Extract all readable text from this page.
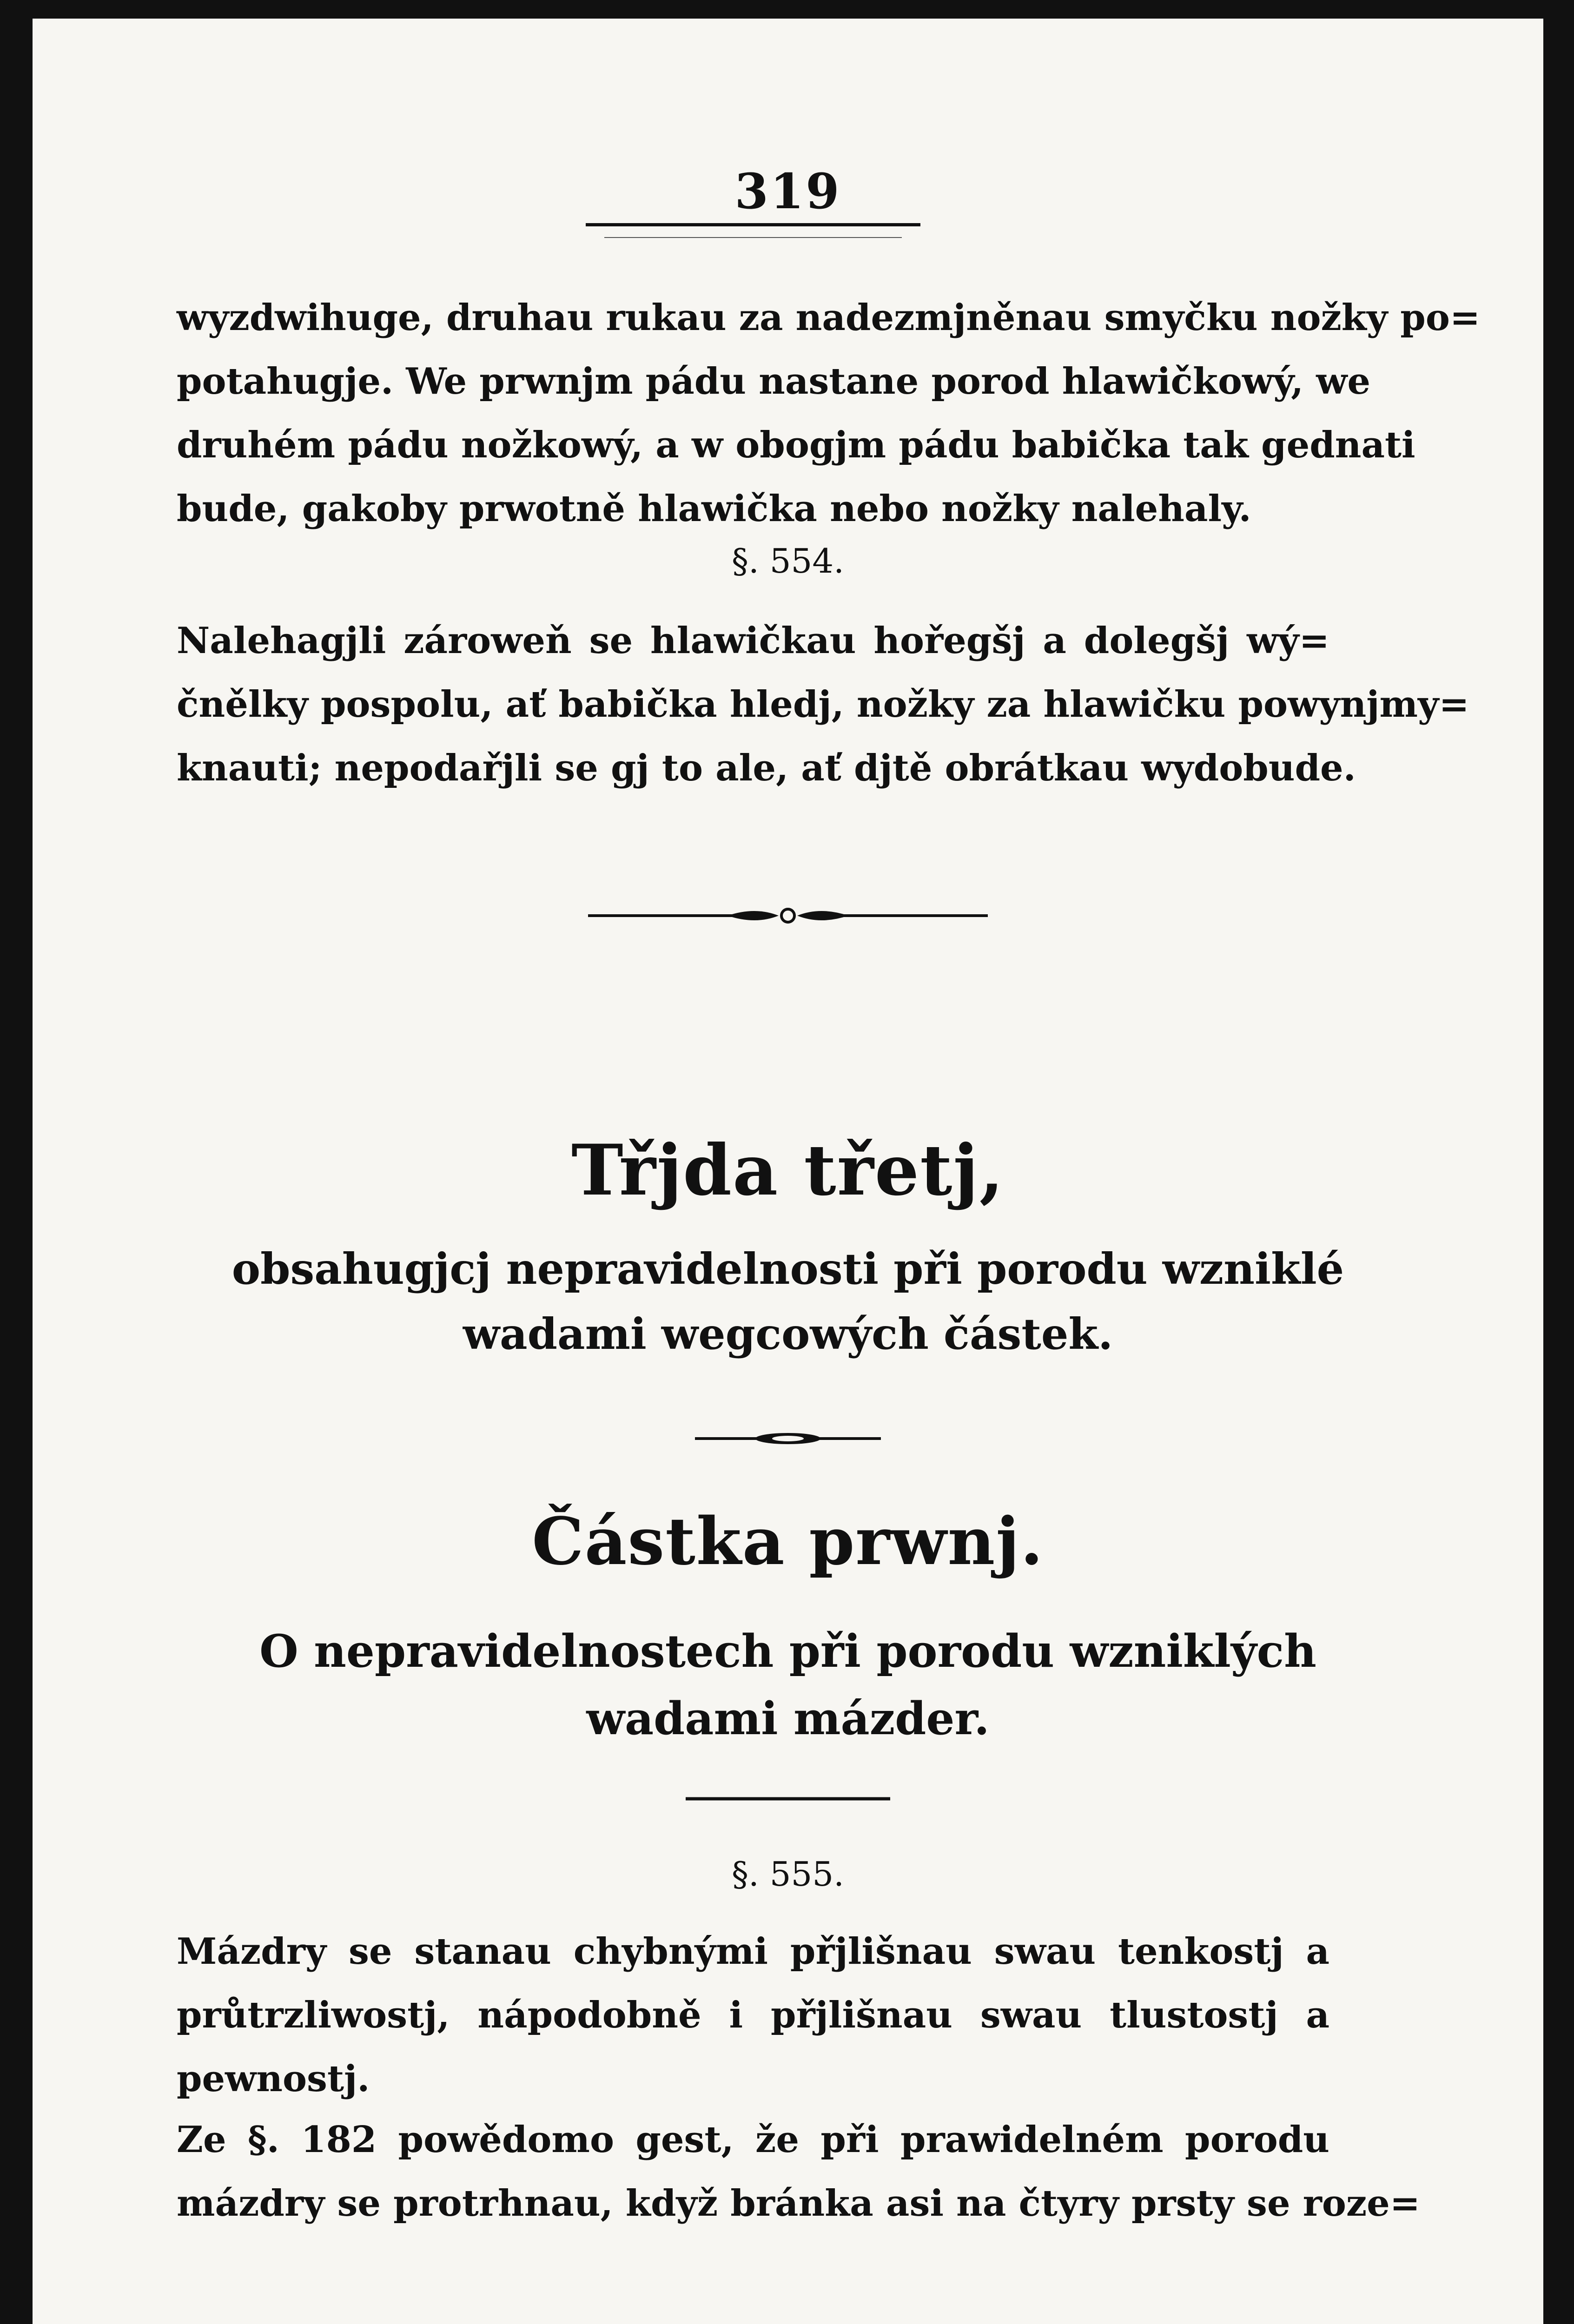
319
wyzdwihuge, druhau rukau za nadezmjněnau smyčku nožky po=
potahugje. We prwnjm pádu nastane porod hlawičkowý, we
druhém pádu nožkowý, a w obogjm pádu babička tak gednati
bude, gakoby prwotně hlawička nebo nožky nalehaly.
§. 554.
Nalehagjli zároweň se hlawičkau hořegšj a dolegšj wý=
čnělky pospolu, ať babička hledj, nožky za hlawičku powynjmy=
knauti; nepodařjli se gj to ale, ať djtě obrátkau wydobude.
Třjda třetj,
obsahugjcj nepravidelnosti při porodu wzniklé
wadami wegcowých částek.
Částka prwnj.
O nepravidelnostech při porodu wzniklých
wadami mázder.
§. 555.
Mázdry se stanau chybnými přjlišnau swau tenkostj a
průtrzliwostj, nápodobně i přjlišnau swau tlustostj a
pewnostj.
Ze §. 182 powědomo gest, že při prawidelném porodu
mázdry se protrhnau, když bránka asi na čtyry prsty se roze=
